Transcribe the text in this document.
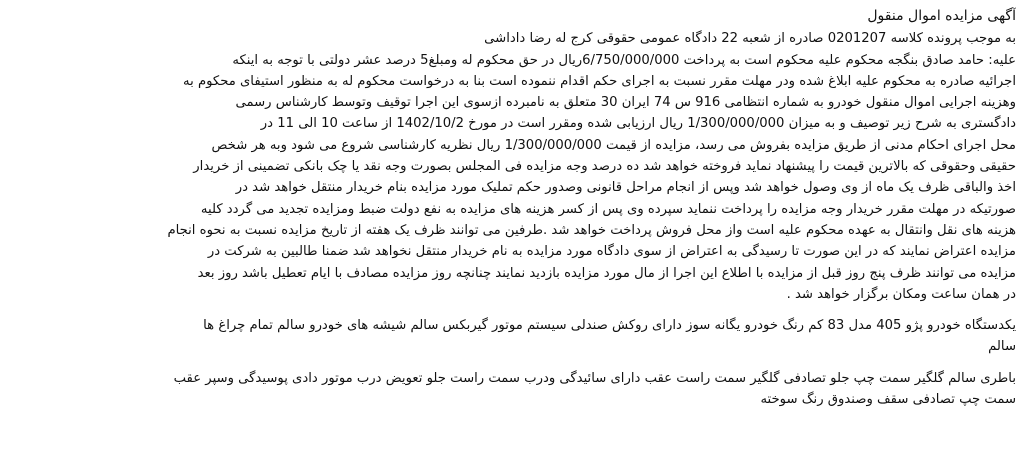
آگهی مزایده اموال منقول
به موجب پرونده کلاسه 0201207 صادره از شعبه 22 دادگاه عمومی حقوقی کرج له رضا داداشی
علیه: حامد صادق بنگجه محکوم علیه محکوم است به پرداخت 6/750/000/000ریال در حق محکوم له ومبلغ5 درصد عشر دولتی با توجه به اینکه
اجرائیه صادره به محکوم علیه ابلاغ شده ودر مهلت مقرر نسبت به اجرای حکم اقدام ننموده است بنا به درخواست محکوم له به منظور استیفای محکوم به
وهزینه اجرایی اموال منقول خودرو به شماره انتظامی 916 س 74 ایران 30 متعلق به نامبرده ازسوی این اجرا توقیف وتوسط کارشناس رسمی
دادگستری به شرح زیر توصیف و به میزان 1/300/000/000 ریال ارزیابی شده ومقرر است در مورخ 1402/10/2 از ساعت 10 الی 11 در
محل اجرای احکام مدنی از طریق مزایده بفروش می رسد، مزایده از قیمت 1/300/000/000 ریال نظریه کارشناسی شروع می شود وبه هر شخص
حقیقی وحقوقی که بالاترین قیمت را پیشنهاد نماید فروخته خواهد شد ده درصد وجه مزایده فی المجلس بصورت وجه نقد یا چک بانکی تضمینی از خریدار
اخذ والباقی ظرف یک ماه از وی وصول خواهد شد وپس از انجام مراحل قانونی وصدور حکم تملیک مورد مزایده بنام خریدار منتقل خواهد شد در
صورتیکه در مهلت مقرر خریدار وجه مزایده را پرداخت ننماید سپرده وی پس از کسر هزینه های مزایده به نفع دولت ضبط ومزایده تجدید می گردد کلیه
هزینه های نقل وانتقال به عهده محکوم علیه است واز محل فروش پرداخت خواهد شد .طرفین می توانند ظرف یک هفته از تاریخ مزایده نسبت به نحوه انجام
مزایده اعتراض نمایند که در این صورت تا رسیدگی به اعتراض از سوی دادگاه مورد مزایده به نام خریدار منتقل نخواهد شد ضمنا طالبین به شرکت در
مزایده می توانند ظرف پنج روز قبل از مزایده با اطلاع این اجرا از مال مورد مزایده بازدید نمایند چنانچه روز مزایده مصادف با ایام تعطیل باشد روز بعد
در همان ساعت ومکان برگزار خواهد شد .
یکدستگاه خودرو پژو 405 مدل 83 کم رنگ خودرو یگانه سوز دارای روکش صندلی سیستم موتور گیربکس سالم شیشه های خودرو سالم تمام چراغ ها
سالم
باطری سالم گلگیر سمت چپ جلو تصادفی گلگیر سمت راست عقب دارای سائیدگی ودرب سمت راست جلو تعویض درب موتور دادی پوسیدگی وسپر عقب
سمت چپ تصادفی سقف وصندوق رنگ سوخته
